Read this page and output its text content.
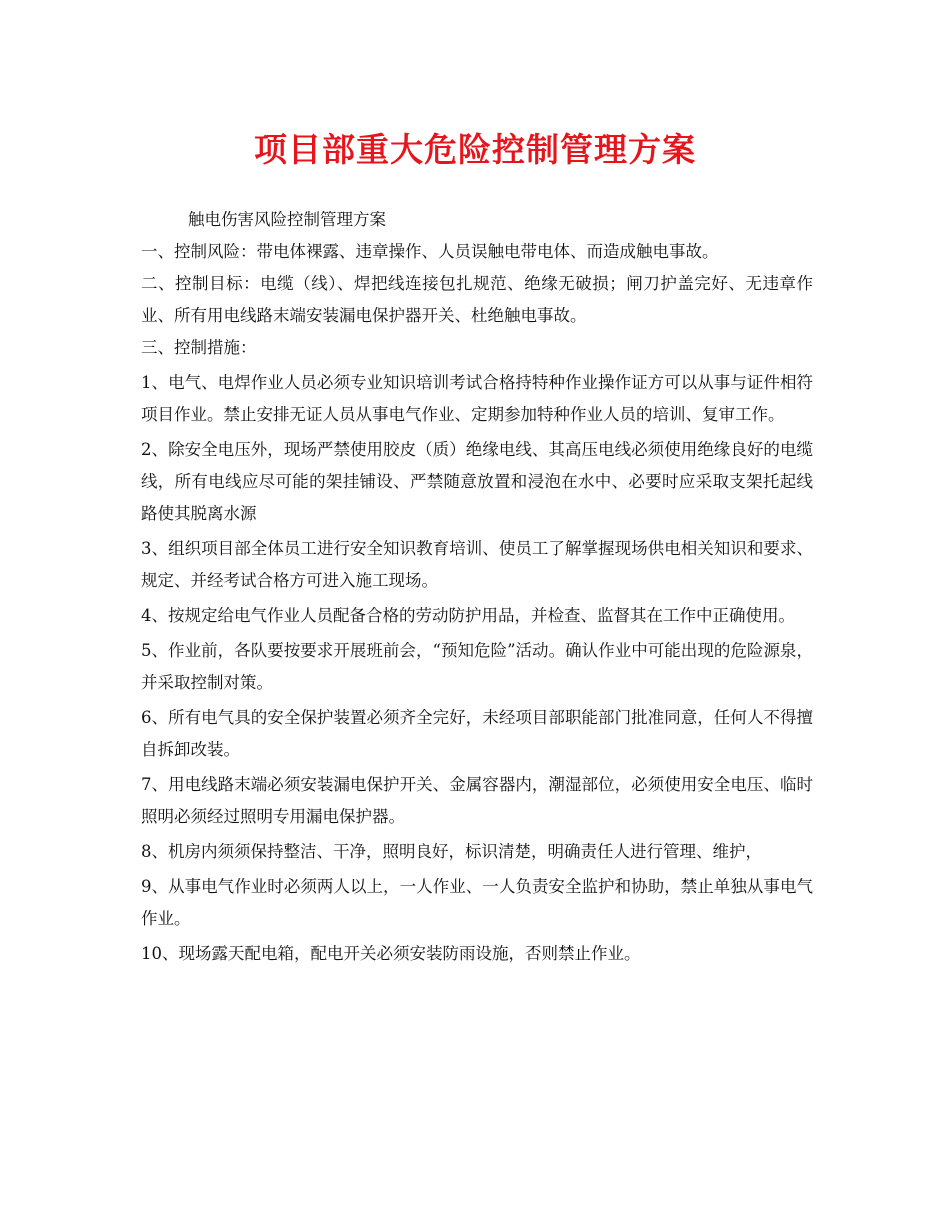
项目部重大危险控制管理方案

触电伤害风险控制管理方案

一、控制风险：带电体裸露、违章操作、人员误触电带电体、而造成触电事故。

二、控制目标：电缆（线）、焊把线连接包扎规范、绝缘无破损；闸刀护盖完好、无违章作业、所有用电线路末端安装漏电保护器开关、杜绝触电事故。

三、控制措施：

1、电气、电焊作业人员必须专业知识培训考试合格持特种作业操作证方可以从事与证件相符项目作业。禁止安排无证人员从事电气作业、定期参加特种作业人员的培训、复审工作。

2、除安全电压外，现场严禁使用胶皮（质）绝缘电线、其高压电线必须使用绝缘良好的电缆线，所有电线应尽可能的架挂铺设、严禁随意放置和浸泡在水中、必要时应采取支架托起线路使其脱离水源

3、组织项目部全体员工进行安全知识教育培训、使员工了解掌握现场供电相关知识和要求、规定、并经考试合格方可进入施工现场。

4、按规定给电气作业人员配备合格的劳动防护用品，并检查、监督其在工作中正确使用。

5、作业前，各队要按要求开展班前会，“预知危险”活动。确认作业中可能出现的危险源泉，并采取控制对策。

6、所有电气具的安全保护装置必须齐全完好，未经项目部职能部门批准同意，任何人不得擅自拆卸改装。

7、用电线路末端必须安装漏电保护开关、金属容器内，潮湿部位，必须使用安全电压、临时照明必须经过照明专用漏电保护器。

8、机房内须须保持整洁、干净，照明良好，标识清楚，明确责任人进行管理、维护，

9、从事电气作业时必须两人以上，一人作业、一人负责安全监护和协助，禁止单独从事电气作业。

10、现场露天配电箱，配电开关必须安装防雨设施，否则禁止作业。
